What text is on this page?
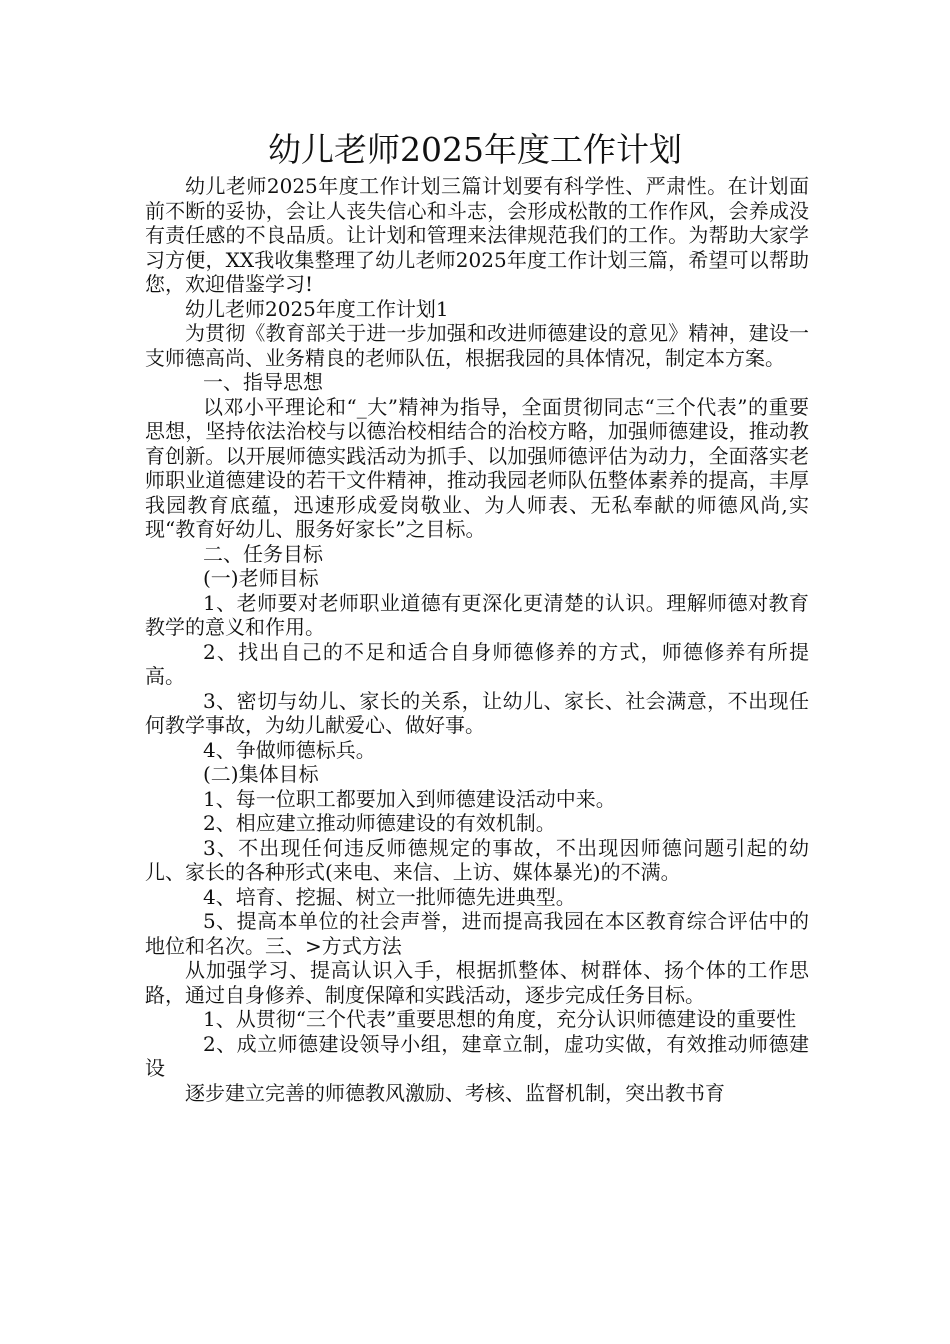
幼儿老师2025年度工作计划

幼儿老师2025年度工作计划三篇计划要有科学性、严肃性。在计划面前不断的妥协，会让人丧失信心和斗志，会形成松散的工作作风，会养成没有责任感的不良品质。让计划和管理来法律规范我们的工作。为帮助大家学习方便，XX我收集整理了幼儿老师2025年度工作计划三篇，希望可以帮助您，欢迎借鉴学习!

幼儿老师2025年度工作计划1

为贯彻《教育部关于进一步加强和改进师德建设的意见》精神，建设一支师德高尚、业务精良的老师队伍，根据我园的具体情况，制定本方案。

一、指导思想

以邓小平理论和“_大”精神为指导，全面贯彻同志“三个代表”的重要思想，坚持依法治校与以德治校相结合的治校方略，加强师德建设，推动教育创新。以开展师德实践活动为抓手、以加强师德评估为动力，全面落实老师职业道德建设的若干文件精神，推动我园老师队伍整体素养的提高，丰厚我园教育底蕴，迅速形成爱岗敬业、为人师表、无私奉献的师德风尚,实现“教育好幼儿、服务好家长”之目标。

二、任务目标

(一)老师目标

1、老师要对老师职业道德有更深化更清楚的认识。理解师德对教育教学的意义和作用。

2、找出自己的不足和适合自身师德修养的方式，师德修养有所提高。

3、密切与幼儿、家长的关系，让幼儿、家长、社会满意，不出现任何教学事故，为幼儿献爱心、做好事。

4、争做师德标兵。

(二)集体目标

1、每一位职工都要加入到师德建设活动中来。

2、相应建立推动师德建设的有效机制。

3、不出现任何违反师德规定的事故，不出现因师德问题引起的幼儿、家长的各种形式(来电、来信、上访、媒体暴光)的不满。

4、培育、挖掘、树立一批师德先进典型。

5、提高本单位的社会声誉，进而提高我园在本区教育综合评估中的地位和名次。三、>方式方法

从加强学习、提高认识入手，根据抓整体、树群体、扬个体的工作思路，通过自身修养、制度保障和实践活动，逐步完成任务目标。

1、从贯彻“三个代表”重要思想的角度，充分认识师德建设的重要性

2、成立师德建设领导小组，建章立制，虚功实做，有效推动师德建设

逐步建立完善的师德教风激励、考核、监督机制，突出教书育
